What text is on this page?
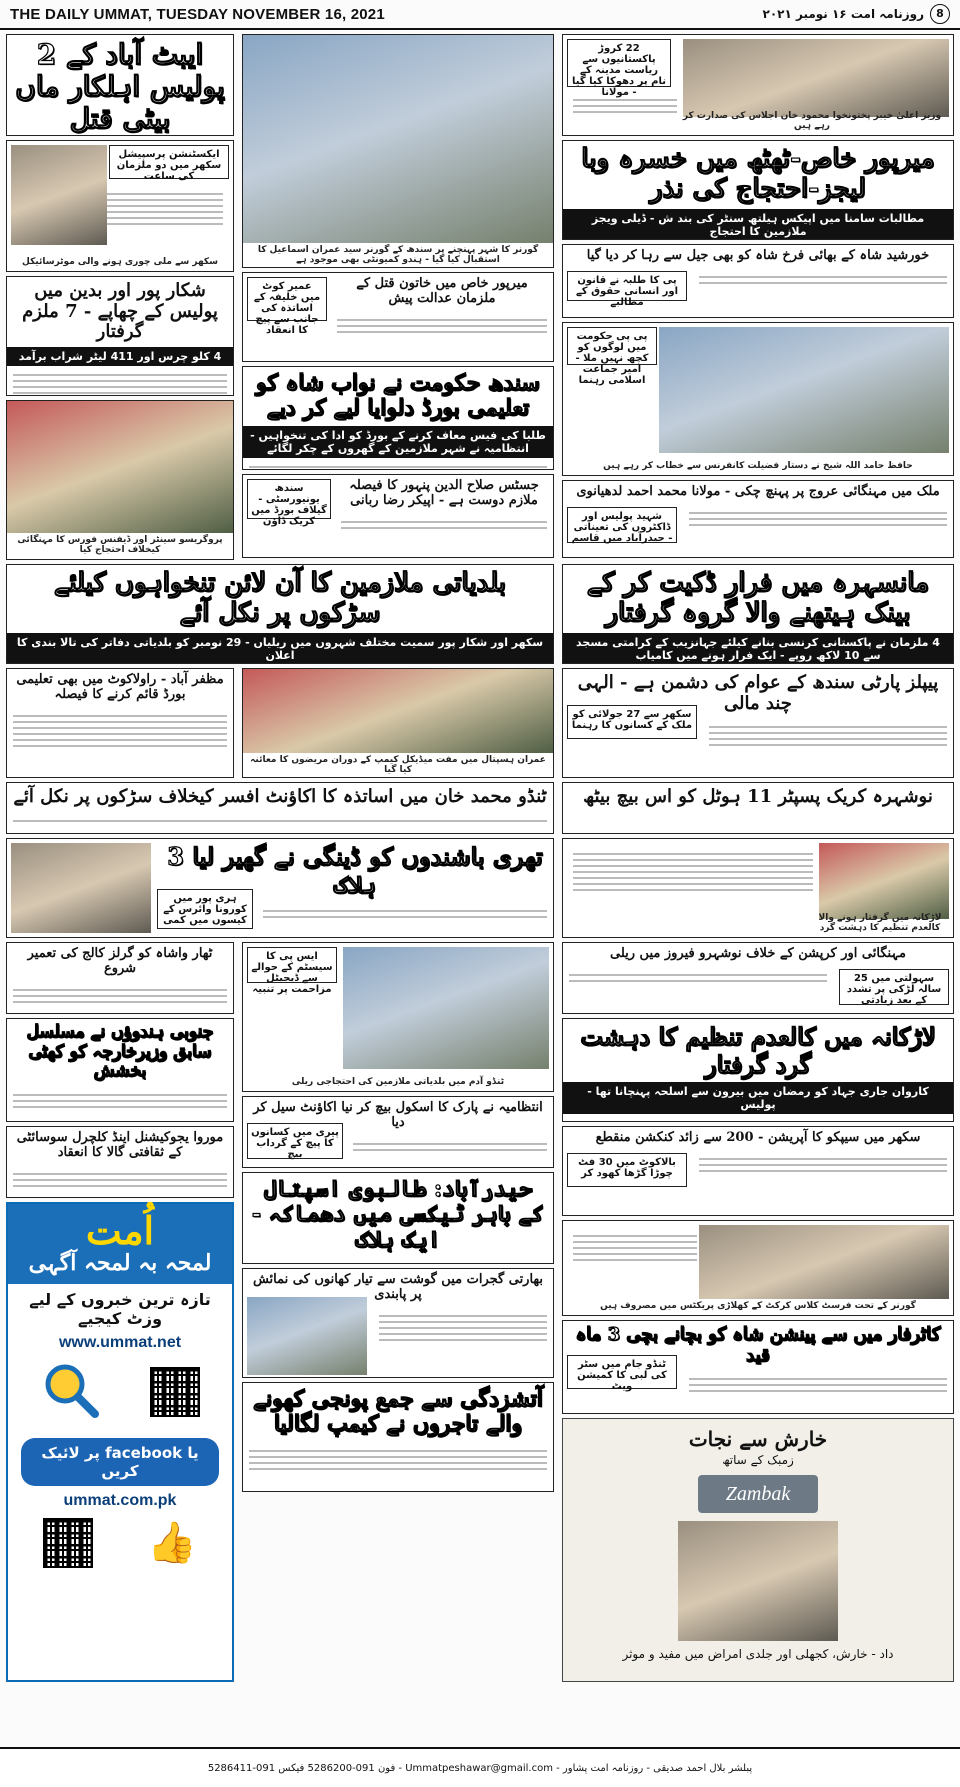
THE DAILY UMMAT, TUESDAY NOVEMBER 16, 2021	8
روزنامہ امت ۱۶ نومبر ۲۰۲۱
ایبٹ آباد کے 2 پولیس اہلکار ماں بیٹی قتل
ایکسٹنشن پرسپیشل سکھر میں دو ملزمان کی ساعت
سکھر سے ملی چوری ہونے والی موٹرسائیکل
شکار پور اور بدین میں پولیس کے چھاپے - 7 ملزم گرفتار
4 کلو چرس اور 411 لیٹر شراب برآمد
پروگریسو سینٹر اور ڈیفنس فورس کا مہنگائی کیخلاف احتجاج کیا
گورنر کا شہر پہنچنے پر سندھ کے گورنر سید عمران اسماعیل کا استقبال کیا گیا - ہندو کمیونٹی بھی موجود ہے
عمیر کوٹ میں خلیفہ کے اساتذہ کی جانب سے پیچ کا انعقاد
میرپور خاص میں خاتون قتل کے ملزمان عدالت پیش
سندھ حکومت نے نواب شاہ کو تعلیمی بورڈ دلوایا لیے کر دیے
طلبا کی فیس معاف کرنے کے بورڈ کو ادا کی تنخواہیں - انتظامیہ نے شہر ملازمین کے گھروں کے چکر لگائے
سندھ یونیورسٹی - گیلاف بورڈ میں کریک ڈاؤن
جسٹس صلاح الدین پنہور کا فیصلہ ملازم دوست ہے - اپیکر رضا ربانی
22 کروڑ پاکستانیوں سے ریاست مدینہ کے نام پر دھوکا کیا گیا - مولانا
وزیر اعلیٰ خیبر پختونخوا محمود خان اجلاس کی صدارت کر رہے ہیں
میرپور خاص-ٹھٹھ میں خسرہ وبا لیجز-احتجاج کی نذر
مطالبات سامنا میں اپیکس ہیلتھ سنٹر کی بند ش - ڈیلی ویجز ملازمین کا احتجاج
خورشید شاہ کے بھائی فرخ شاہ کو بھی جیل سے رہا کر دیا گیا
پی کا طلبہ نے قانون اور انسانی حقوق کے مطالبے
پی پی حکومت میں لوگوں کو کچھ نہیں ملا - امیر جماعت اسلامی رہنما
حافظ حامد اللہ شیخ نے دستار فضیلت کانفرنس سے خطاب کر رہے ہیں
ملک میں مہنگائی عروج پر پہنچ چکی - مولانا محمد احمد لدھیانوی
شہید پولیس اور ڈاکٹروں کی تعیناتی - حیدرآباد میں قاسم
بلدیاتی ملازمین کا آن لائن تنخواہوں کیلئے سڑکوں پر نکل آئے
سکھر اور شکار پور سمیت مختلف شہروں میں ریلیاں - 29 نومبر کو بلدیاتی دفاتر کی تالا بندی کا اعلان
مانسہرہ میں فرار ڈکیت کر کے بینک ہیتھنے والا گروہ گرفتار
4 ملزمان نے پاکستانی کرنسی بنانے کیلئے جہانزیب کے کرامتی مسجد سے 10 لاکھ روپے - ایک فرار ہونے میں کامیاب
مظفر آباد - راولاکوٹ میں بھی تعلیمی بورڈ قائم کرنے کا فیصلہ
عمران ہسپتال میں مفت میڈیکل کیمپ کے دوران مریضوں کا معائنہ کیا گیا
پیپلز پارٹی سندھ کے عوام کی دشمن ہے - الہی چند مالی
سکھر سے 27 جولائی کو ملک کے کسانوں کا رہنما
ٹنڈو محمد خان میں اساتذہ کا اکاؤنٹ افسر کیخلاف سڑکوں پر نکل آئے	نوشہرہ کریک پسپٹر 11 ہوٹل کو اس بیچ بیٹھ
تھری باشندوں کو ڈینگی نے گھیر لیا 3 ہلاک
ہری پور میں کورونا وائرس کے کیسوں میں کمی	لاڑکانہ میں گرفتار ہونے والا کالعدم تنظیم کا دہشت گرد
ٹھار واشاہ کو گرلز کالج کی تعمیر شروع
ایس پی کا سیسٹم کے حوالے سے ڈیجیٹل مزاحمت پر تنبیہ
ٹنڈو آدم میں بلدیاتی ملازمین کی احتجاجی ریلی
مہنگائی اور کرپشن کے خلاف نوشہرو فیروز میں ریلی
سہولتی میں 25 سالہ لڑکی پر تشدد کے بعد زیادتی
جنوبی ہندوؤں نے مسلسل سابق وزیرخارجہ کو کھٹی بخشش
لاڑکانہ میں کالعدم تنظیم کا دہشت گرد گرفتار
کاروان جاری جہاد کو رمضان میں بیرون سے اسلحہ پہنچانا تھا - پولیس
انتظامیہ نے پارک کا اسکول بیچ کر نیا اکاؤنٹ سیل کر دیا
پیری میں کسانوں کا پیچ کے گرداب بیچ
موروا یجوکیشنل اینڈ کلچرل سوسائٹی کے ثقافتی گالا کا انعقاد
سکھر میں سیپکو کا آپریشن - 200 سے زائد کنکشن منقطع
بالاکوٹ میں 30 فٹ چوڑا گڑھا کھود کر
حیدرآباد: طالبوی اسپتال کے باہر ٹیکسی میں دھماکہ - ایک ہلاک
گورنر کے تحت فرسٹ کلاس کرکٹ کے کھلاڑی پریکٹس میں مصروف ہیں
اُمت
لمحہ بہ لمحہ آگہی
تازہ ترین خبروں کے لیے وزٹ کیجیے
www.ummat.net
یا facebook پر لائیک کریں
ummat.com.pk
👍
بھارتی گجرات میں گوشت سے تیار کھانوں کی نمائش پر پابندی
کاٹرفار میں سے پینشن شاہ کو بچانے بچی 3 ماہ قید
ٹنڈو جام میں سٹر کی لبی کا کمیشن ویٹ
آتشزدگی سے جمع پونجی کھونے والے تاجروں نے کیمپ لگالیا
خارش سے نجات
زمبک کے ساتھ
Zambak
داد - خارش، کجھلی اور جلدی امراض میں مفید و موثر
پبلشر بلال احمد صدیقی - روزنامہ امت پشاور - Ummatpeshawar@gmail.com - فون 091-5286200 فیکس 091-5286411
